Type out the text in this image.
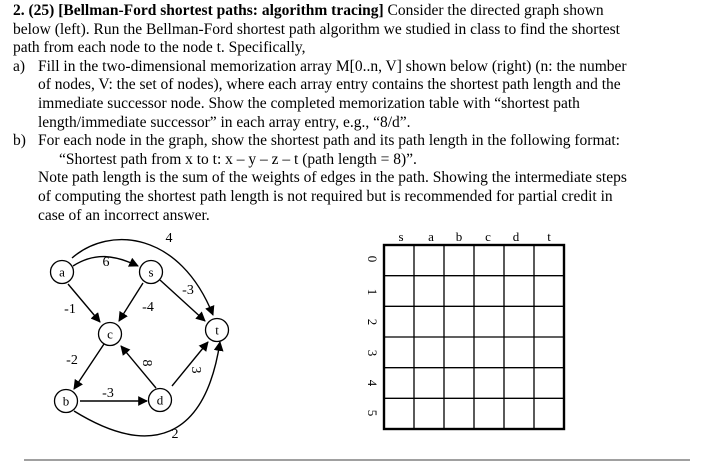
2. (25) [Bellman-Ford shortest paths: algorithm tracing] Consider the directed graph shown
below (left). Run the Bellman-Ford shortest path algorithm we studied in class to find the shortest
path from each node to the node t. Specifically,
a) Fill in the two-dimensional memorization array M[0..n, V] shown below (right) (n: the number
of nodes, V: the set of nodes), where each array entry contains the shortest path length and the
immediate successor node. Show the completed memorization table with “shortest path
length/immediate successor” in each array entry, e.g., “8/d”.
b) For each node in the graph, show the shortest path and its path length in the following format:
“Shortest path from x to t: x – y – z – t (path length = 8)”.
Note path length is the sum of the weights of edges in the path. Showing the intermediate steps
of computing the shortest path length is not required but is recommended for partial credit in
case of an incorrect answer.
a	s
c	t
b	d
6
4
-1	-4
-3
-2	8
-3
3
2
s a b c d t
0
1
2
3
4
5
